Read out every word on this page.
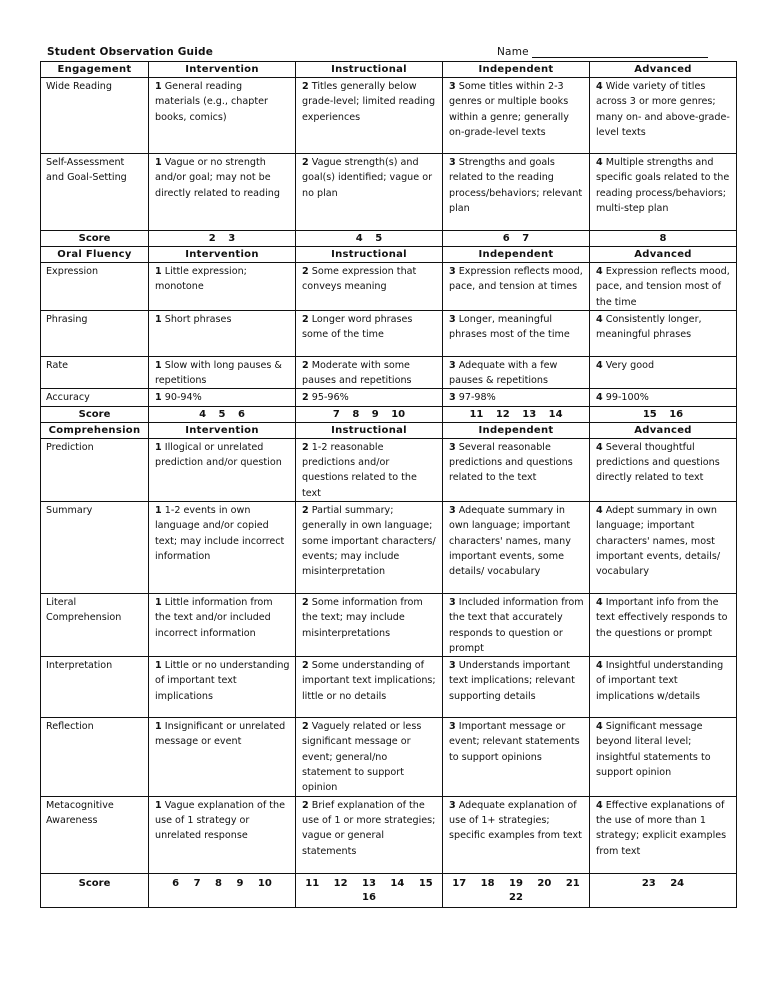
Student Observation Guide	Name
Engagement	Intervention	Instructional	Independent	Advanced
Wide Reading	1 General reading materials (e.g., chapter books, comics)	2 Titles generally below grade-level; limited reading experiences	3 Some titles within 2-3 genres or multiple books within a genre; generally on-grade-level texts	4 Wide variety of titles across 3 or more genres; many on- and above-grade-level texts
Self-Assessment and Goal-Setting	1 Vague or no strength and/or goal; may not be directly related to reading	2 Vague strength(s) and goal(s) identified; vague or no plan	3 Strengths and goals related to the reading process/behaviors; relevant plan	4 Multiple strengths and specific goals related to the reading process/behaviors; multi-step plan
Score	2 3	4 5	6 7	8
Oral Fluency	Intervention	Instructional	Independent	Advanced
Expression	1 Little expression; monotone	2 Some expression that conveys meaning	3 Expression reflects mood, pace, and tension at times	4 Expression reflects mood, pace, and tension most of the time
Phrasing	1 Short phrases	2 Longer word phrases some of the time	3 Longer, meaningful phrases most of the time	4 Consistently longer, meaningful phrases
Rate	1 Slow with long pauses & repetitions	2 Moderate with some pauses and repetitions	3 Adequate with a few pauses & repetitions	4 Very good
Accuracy	1 90-94%	2 95-96%	3 97-98%	4 99-100%
Score	4 5 6	7 8 9 10	11 12 13 14	15 16
Comprehension	Intervention	Instructional	Independent	Advanced
Prediction	1 Illogical or unrelated prediction and/or question	2 1-2 reasonable predictions and/or questions related to the text	3 Several reasonable predictions and questions related to the text	4 Several thoughtful predictions and questions directly related to text
Summary	1 1-2 events in own language and/or copied text; may include incorrect information	2 Partial summary; generally in own language; some important characters/ events; may include misinterpretation	3 Adequate summary in own language; important characters' names, many important events, some details/ vocabulary	4 Adept summary in own language; important characters' names, most important events, details/ vocabulary
Literal Comprehension	1 Little information from the text and/or included incorrect information	2 Some information from the text; may include misinterpretations	3 Included information from the text that accurately responds to question or prompt	4 Important info from the text effectively responds to the questions or prompt
Interpretation	1 Little or no understanding of important text implications	2 Some understanding of important text implications; little or no details	3 Understands important text implications; relevant supporting details	4 Insightful understanding of important text implications w/details
Reflection	1 Insignificant or unrelated message or event	2 Vaguely related or less significant message or event; general/no statement to support opinion	3 Important message or event; relevant statements to support opinions	4 Significant message beyond literal level; insightful statements to support opinion
Metacognitive Awareness	1 Vague explanation of the use of 1 strategy or unrelated response	2 Brief explanation of the use of 1 or more strategies; vague or general statements	3 Adequate explanation of use of 1+ strategies; specific examples from text	4 Effective explanations of the use of more than 1 strategy; explicit examples from text
Score	6 7 8 9 10	11 12 13 14 15 16	17 18 19 20 21 22	23 24
